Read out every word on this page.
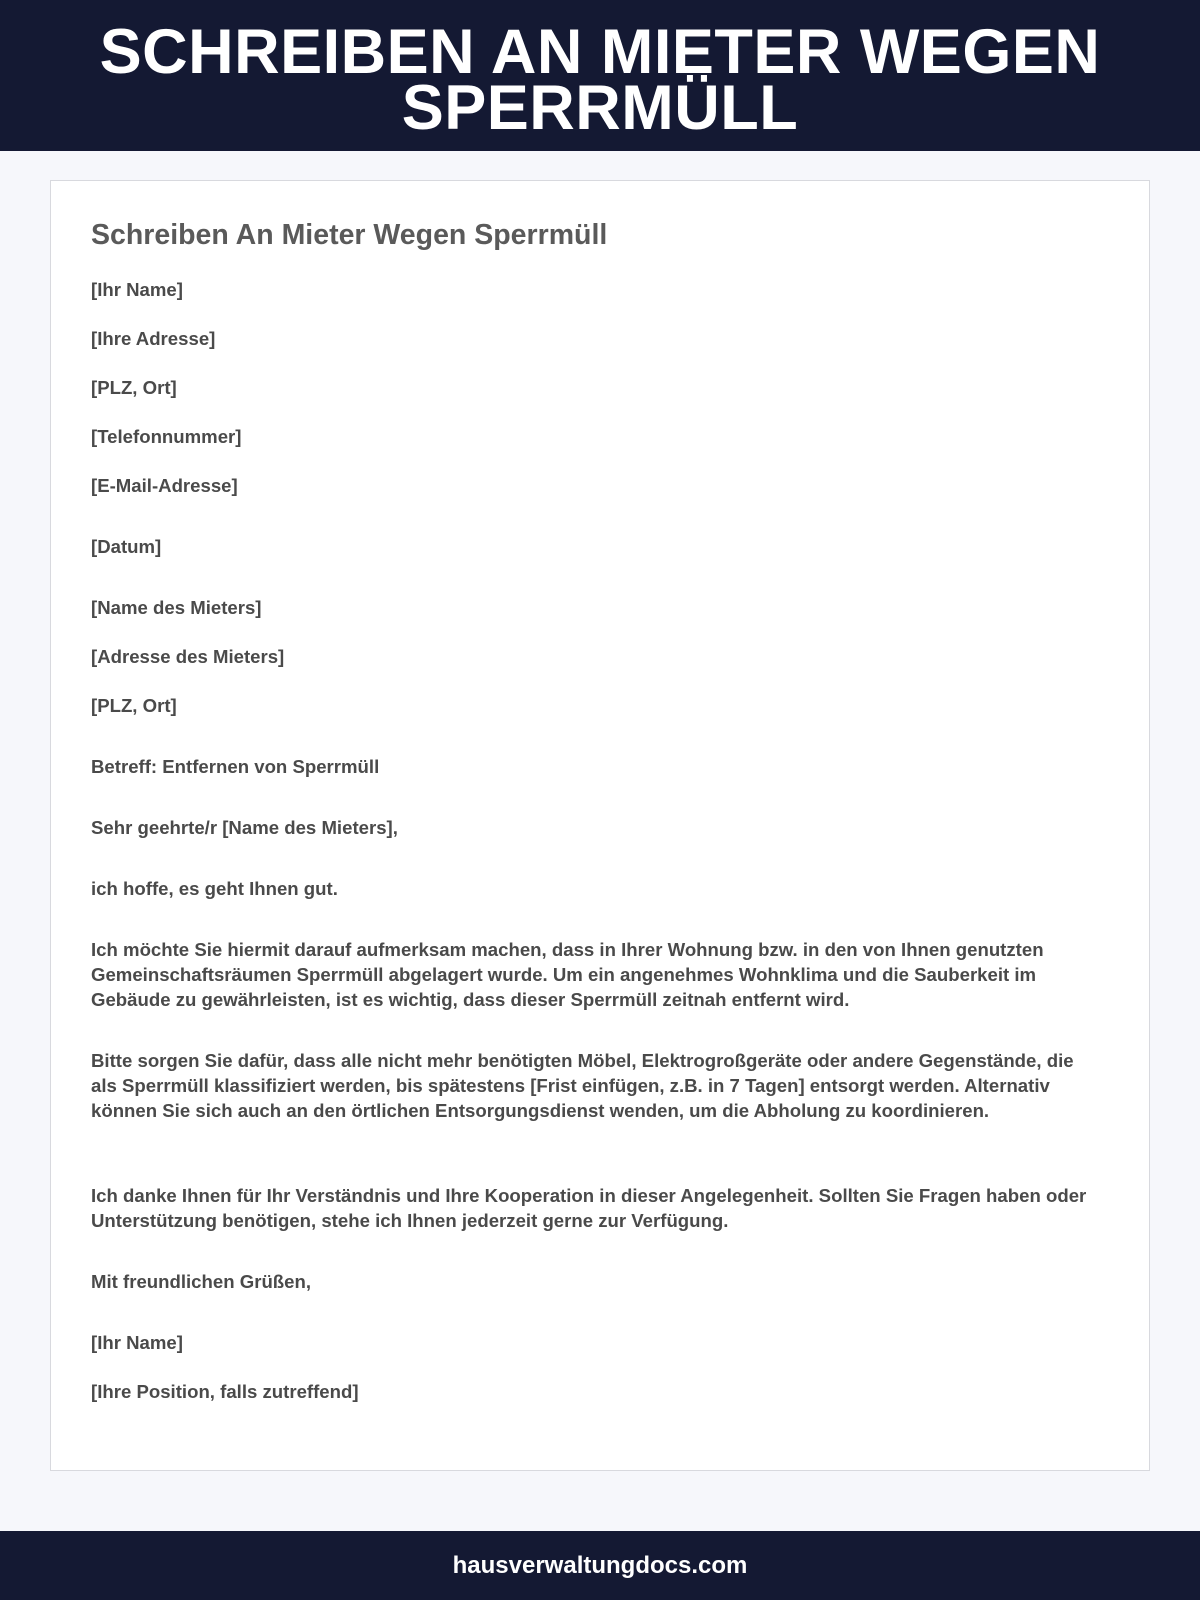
SCHREIBEN AN MIETER WEGEN
SPERRMÜLL
Schreiben An Mieter Wegen Sperrmüll

[Ihr Name]

[Ihre Adresse]

[PLZ, Ort]

[Telefonnummer]

[E-Mail-Adresse]

[Datum]

[Name des Mieters]

[Adresse des Mieters]

[PLZ, Ort]

Betreff: Entfernen von Sperrmüll

Sehr geehrte/r [Name des Mieters],

ich hoffe, es geht Ihnen gut.

Ich möchte Sie hiermit darauf aufmerksam machen, dass in Ihrer Wohnung bzw. in den von Ihnen genutzten Gemeinschaftsräumen Sperrmüll abgelagert wurde. Um ein angenehmes Wohnklima und die Sauberkeit im Gebäude zu gewährleisten, ist es wichtig, dass dieser Sperrmüll zeitnah entfernt wird.

Bitte sorgen Sie dafür, dass alle nicht mehr benötigten Möbel, Elektrogroßgeräte oder andere Gegenstände, die als Sperrmüll klassifiziert werden, bis spätestens [Frist einfügen, z.B. in 7 Tagen] entsorgt werden. Alternativ können Sie sich auch an den örtlichen Entsorgungsdienst wenden, um die Abholung zu koordinieren.

Ich danke Ihnen für Ihr Verständnis und Ihre Kooperation in dieser Angelegenheit. Sollten Sie Fragen haben oder Unterstützung benötigen, stehe ich Ihnen jederzeit gerne zur Verfügung.

Mit freundlichen Grüßen,

[Ihr Name]

[Ihre Position, falls zutreffend]

hausverwaltungdocs.com
